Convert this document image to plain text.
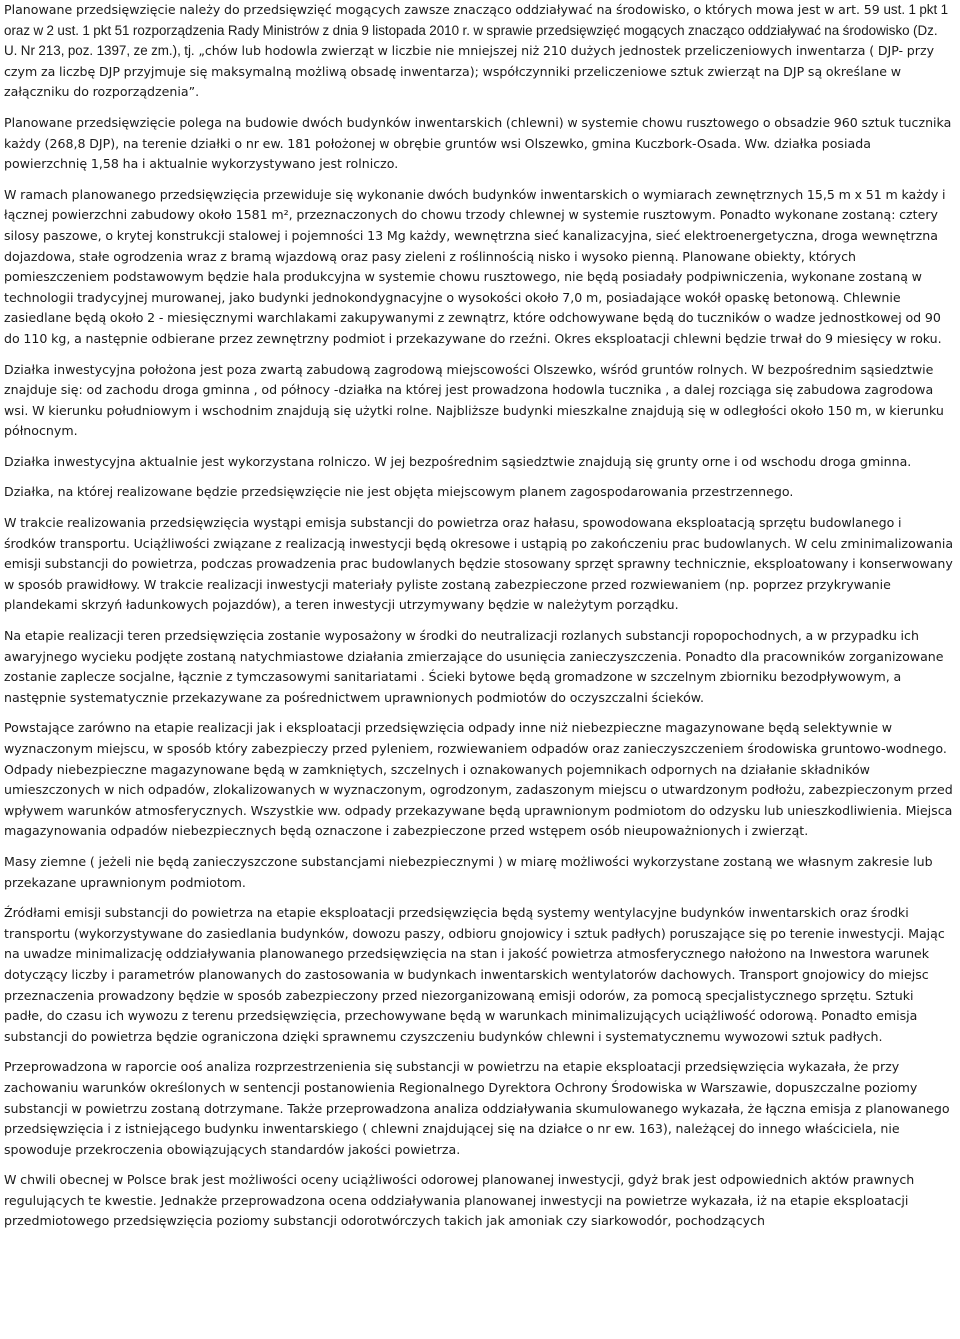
Planowane przedsięwzięcie należy do przedsięwzięć mogących zawsze znacząco oddziaływać na środowisko, o których mowa jest w art. 59 ust. 1 pkt 1 oraz w 2 ust. 1 pkt 51 rozporządzenia Rady Ministrów z dnia 9 listopada 2010 r. w sprawie przedsięwzięć mogących znacząco oddziaływać na środowisko (Dz. U. Nr 213, poz. 1397, ze zm.), tj. „chów lub hodowla zwierząt w liczbie nie mniejszej niż 210 dużych jednostek przeliczeniowych inwentarza ( DJP- przy czym za liczbę DJP przyjmuje się maksymalną możliwą obsadę inwentarza); współczynniki przeliczeniowe sztuk zwierząt na DJP są określane w załączniku do rozporządzenia”.

Planowane przedsięwzięcie polega na budowie dwóch budynków inwentarskich (chlewni) w systemie chowu rusztowego o obsadzie 960 sztuk tucznika każdy (268,8 DJP), na terenie działki o nr ew. 181 położonej w obrębie gruntów wsi Olszewko, gmina Kuczbork-Osada. Ww. działka posiada powierzchnię 1,58 ha i aktualnie wykorzystywano jest rolniczo.

W ramach planowanego przedsięwzięcia przewiduje się wykonanie dwóch budynków inwentarskich o wymiarach zewnętrznych 15,5 m x 51 m każdy i łącznej powierzchni zabudowy około 1581 m², przeznaczonych do chowu trzody chlewnej w systemie rusztowym. Ponadto wykonane zostaną: cztery silosy paszowe, o krytej konstrukcji stalowej i pojemności 13 Mg każdy, wewnętrzna sieć kanalizacyjna, sieć elektroenergetyczna, droga wewnętrzna dojazdowa, stałe ogrodzenia wraz z bramą wjazdową oraz pasy zieleni z roślinnością nisko i wysoko pienną. Planowane obiekty, których pomieszczeniem podstawowym będzie hala produkcyjna w systemie chowu rusztowego, nie będą posiadały podpiwniczenia, wykonane zostaną w technologii tradycyjnej murowanej, jako budynki jednokondygnacyjne o wysokości około 7,0 m, posiadające wokół opaskę betonową. Chlewnie zasiedlane będą około 2 - miesięcznymi warchlakami zakupywanymi z zewnątrz, które odchowywane będą do tuczników o wadze jednostkowej od 90 do 110 kg, a następnie odbierane przez zewnętrzny podmiot i przekazywane do rzeźni. Okres eksploatacji chlewni będzie trwał do 9 miesięcy w roku.

Działka inwestycyjna położona jest poza zwartą zabudową zagrodową miejscowości Olszewko, wśród gruntów rolnych. W bezpośrednim sąsiedztwie znajduje się: od zachodu droga gminna , od północy -działka na której jest prowadzona hodowla tucznika , a dalej rozciąga się zabudowa zagrodowa wsi. W kierunku południowym i wschodnim znajdują się użytki rolne. Najbliższe budynki mieszkalne znajdują się w odległości około 150 m, w kierunku północnym.

Działka inwestycyjna aktualnie jest wykorzystana rolniczo. W jej bezpośrednim sąsiedztwie znajdują się grunty orne i od wschodu droga gminna.

Działka, na której realizowane będzie przedsięwzięcie nie jest objęta miejscowym planem zagospodarowania przestrzennego.

W trakcie realizowania przedsięwzięcia wystąpi emisja substancji do powietrza oraz hałasu, spowodowana eksploatacją sprzętu budowlanego i środków transportu. Uciążliwości związane z realizacją inwestycji będą okresowe i ustąpią po zakończeniu prac budowlanych. W celu zminimalizowania emisji substancji do powietrza, podczas prowadzenia prac budowlanych będzie stosowany sprzęt sprawny technicznie, eksploatowany i konserwowany w sposób prawidłowy. W trakcie realizacji inwestycji materiały pyliste zostaną zabezpieczone przed rozwiewaniem (np. poprzez przykrywanie plandekami skrzyń ładunkowych pojazdów), a teren inwestycji utrzymywany będzie w należytym porządku.

Na etapie realizacji teren przedsięwzięcia zostanie wyposażony w środki do neutralizacji rozlanych substancji ropopochodnych, a w przypadku ich awaryjnego wycieku podjęte zostaną natychmiastowe działania zmierzające do usunięcia zanieczyszczenia. Ponadto dla pracowników zorganizowane zostanie zaplecze socjalne, łącznie z tymczasowymi sanitariatami . Ścieki bytowe będą gromadzone w szczelnym zbiorniku bezodpływowym, a następnie systematycznie przekazywane za pośrednictwem uprawnionych podmiotów do oczyszczalni ścieków.

Powstające zarówno na etapie realizacji jak i eksploatacji przedsięwzięcia odpady inne niż niebezpieczne magazynowane będą selektywnie w wyznaczonym miejscu, w sposób który zabezpieczy przed pyleniem, rozwiewaniem odpadów oraz zanieczyszczeniem środowiska gruntowo-wodnego. Odpady niebezpieczne magazynowane będą w zamkniętych, szczelnych i oznakowanych pojemnikach odpornych na działanie składników umieszczonych w nich odpadów, zlokalizowanych w wyznaczonym, ogrodzonym, zadaszonym miejscu o utwardzonym podłożu, zabezpieczonym przed wpływem warunków atmosferycznych. Wszystkie ww. odpady przekazywane będą uprawnionym podmiotom do odzysku lub unieszkodliwienia. Miejsca magazynowania odpadów niebezpiecznych będą oznaczone i zabezpieczone przed wstępem osób nieupoważnionych i zwierząt.

Masy ziemne ( jeżeli nie będą zanieczyszczone substancjami niebezpiecznymi ) w miarę możliwości wykorzystane zostaną we własnym zakresie lub przekazane uprawnionym podmiotom.

Źródłami emisji substancji do powietrza na etapie eksploatacji przedsięwzięcia będą systemy wentylacyjne budynków inwentarskich oraz środki transportu (wykorzystywane do zasiedlania budynków, dowozu paszy, odbioru gnojowicy i sztuk padłych) poruszające się po terenie inwestycji. Mając na uwadze minimalizację oddziaływania planowanego przedsięwzięcia na stan i jakość powietrza atmosferycznego nałożono na Inwestora warunek dotyczący liczby i parametrów planowanych do zastosowania w budynkach inwentarskich wentylatorów dachowych. Transport gnojowicy do miejsc przeznaczenia prowadzony będzie w sposób zabezpieczony przed niezorganizowaną emisji odorów, za pomocą specjalistycznego sprzętu. Sztuki padłe, do czasu ich wywozu z terenu przedsięwzięcia, przechowywane będą w warunkach minimalizujących uciążliwość odorową. Ponadto emisja substancji do powietrza będzie ograniczona dzięki sprawnemu czyszczeniu budynków chlewni i systematycznemu wywozowi sztuk padłych.

Przeprowadzona w raporcie ooś analiza rozprzestrzenienia się substancji w powietrzu na etapie eksploatacji przedsięwzięcia wykazała, że przy zachowaniu warunków określonych w sentencji postanowienia Regionalnego Dyrektora Ochrony Środowiska w Warszawie, dopuszczalne poziomy substancji w powietrzu zostaną dotrzymane. Także przeprowadzona analiza oddziaływania skumulowanego wykazała, że łączna emisja z planowanego przedsięwzięcia i z istniejącego budynku inwentarskiego ( chlewni znajdującej się na działce o nr ew. 163), należącej do innego właściciela, nie spowoduje przekroczenia obowiązujących standardów jakości powietrza.

W chwili obecnej w Polsce brak jest możliwości oceny uciążliwości odorowej planowanej inwestycji, gdyż brak jest odpowiednich aktów prawnych regulujących te kwestie. Jednakże przeprowadzona ocena oddziaływania planowanej inwestycji na powietrze wykazała, iż na etapie eksploatacji przedmiotowego przedsięwzięcia poziomy substancji odorotwórczych takich jak amoniak czy siarkowodór, pochodzących
